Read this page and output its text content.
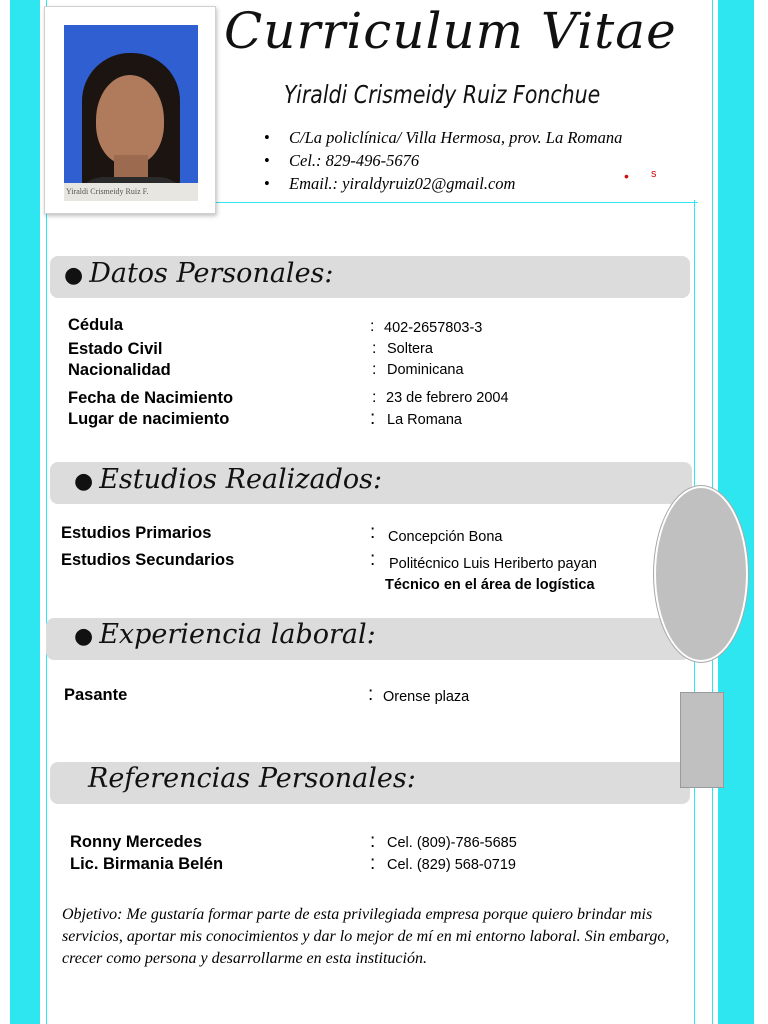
Yiraldi Crismeidy Ruiz F.
Curriculum Vitae
Yiraldi Crismeidy Ruiz Fonchue
• C/La policlínica/ Villa Hermosa, prov. La Romana
• Cel.: 829-496-5676
• Email.: yiraldyruiz02@gmail.com	• s
● Datos Personales:
Cédula	: 402-2657803-3
Estado Civil	: Soltera
Nacionalidad	: Dominicana
Fecha de Nacimiento	: 23 de febrero 2004
Lugar de nacimiento	: La Romana
● Estudios Realizados:
Estudios Primarios	: Concepción Bona
Estudios Secundarios	: Politécnico Luis Heriberto payan
Técnico en el área de logística
● Experiencia laboral:
Pasante	: Orense plaza
Referencias Personales:
Ronny Mercedes	: Cel. (809)-786-5685
Lic. Birmania Belén	: Cel. (829) 568-0719
Objetivo: Me gustaría formar parte de esta privilegiada empresa porque quiero brindar mis servicios, aportar mis conocimientos y dar lo mejor de mí en mi entorno laboral. Sin embargo, crecer como persona y desarrollarme en esta institución.
